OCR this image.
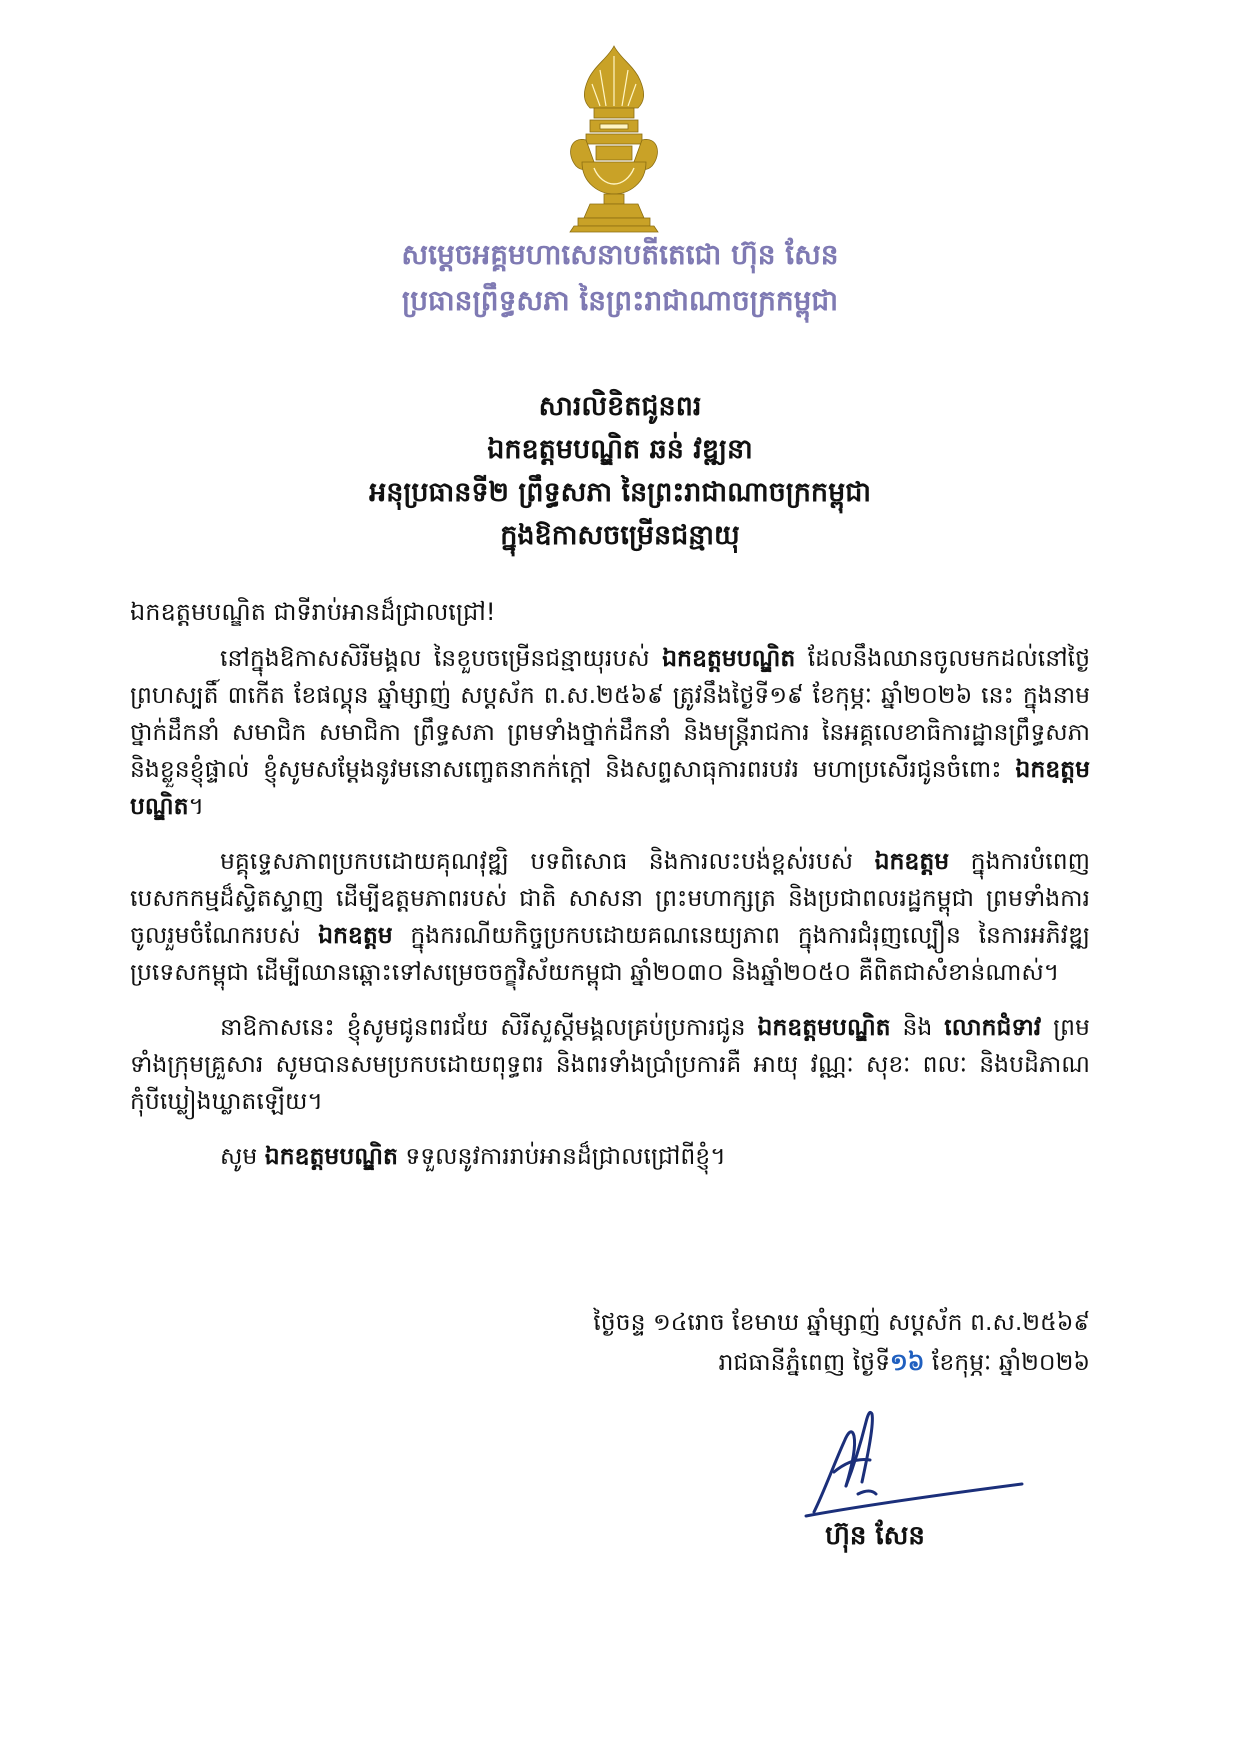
សម្តេចអគ្គមហាសេនាបតីតេជោ ហ៊ុន សែន
ប្រធានព្រឹទ្ធសភា នៃព្រះរាជាណាចក្រកម្ពុជា
សារលិខិតជូនពរ
ឯកឧត្តមបណ្ឌិត ឆន់ វឌ្ឍនា
អនុប្រធានទី២ ព្រឹទ្ធសភា នៃព្រះរាជាណាចក្រកម្ពុជា
ក្នុងឱកាសចម្រើនជន្មាយុ
ឯកឧត្តមបណ្ឌិត ជាទីរាប់អានដ៏ជ្រាលជ្រៅ!

នៅក្នុងឱកាសសិរីមង្គល នៃខួបចម្រើនជន្មាយុរបស់ ឯកឧត្តមបណ្ឌិត ដែលនឹងឈានចូលមកដល់នៅថ្ងៃព្រហស្បតិ៍ ៣កើត ខែផល្គុន ឆ្នាំម្សាញ់ សប្តស័ក ព.ស.២៥៦៩ ត្រូវនឹងថ្ងៃទី១៩ ខែកុម្ភៈ ឆ្នាំ២០២៦ នេះ ក្នុងនាមថ្នាក់ដឹកនាំ សមាជិក សមាជិកា ព្រឹទ្ធសភា ព្រមទាំងថ្នាក់ដឹកនាំ និងមន្ត្រីរាជការ នៃអគ្គលេខាធិការដ្ឋានព្រឹទ្ធសភា និងខ្លួនខ្ញុំផ្ទាល់ ខ្ញុំសូមសម្តែងនូវមនោសញ្ចេតនាកក់ក្តៅ និងសព្ទសាធុការពរបវរ មហាប្រសើរជូនចំពោះ ឯកឧត្តមបណ្ឌិត។

មគ្គុទ្ទេសភាពប្រកបដោយគុណវុឌ្ឍិ បទពិសោធ និងការលះបង់ខ្ពស់របស់ ឯកឧត្តម ក្នុងការបំពេញបេសកកម្មដ៏ស្ទិតស្ទាញ ដើម្បីឧត្តមភាពរបស់ ជាតិ សាសនា ព្រះមហាក្សត្រ និងប្រជាពលរដ្ឋកម្ពុជា ព្រមទាំងការចូលរួមចំណែករបស់ ឯកឧត្តម ក្នុងករណីយកិច្ចប្រកបដោយគណនេយ្យភាព ក្នុងការជំរុញល្បឿន នៃការអភិវឌ្ឍប្រទេសកម្ពុជា ដើម្បីឈានឆ្ពោះទៅសម្រេចចក្ខុវិស័យកម្ពុជា ឆ្នាំ២០៣០ និងឆ្នាំ២០៥០ គឺពិតជាសំខាន់ណាស់។

នាឱកាសនេះ ខ្ញុំសូមជូនពរជ័យ សិរីសួស្តីមង្គលគ្រប់ប្រការជូន ឯកឧត្តមបណ្ឌិត និង លោកជំទាវ ព្រមទាំងក្រុមគ្រួសារ សូមបានសមប្រកបដោយពុទ្ធពរ និងពរទាំងប្រាំប្រការគឺ អាយុ វណ្ណៈ សុខៈ ពលៈ និងបដិភាណ កុំបីឃ្លៀងឃ្លាតឡើយ។

សូម ឯកឧត្តមបណ្ឌិត ទទួលនូវការរាប់អានដ៏ជ្រាលជ្រៅពីខ្ញុំ។

ថ្ងៃចន្ទ ១៤រោច ខែមាឃ ឆ្នាំម្សាញ់ សប្តស័ក ព.ស.២៥៦៩
រាជធានីភ្នំពេញ ថ្ងៃទី១៦ ខែកុម្ភៈ ឆ្នាំ២០២៦
ហ៊ុន សែន
